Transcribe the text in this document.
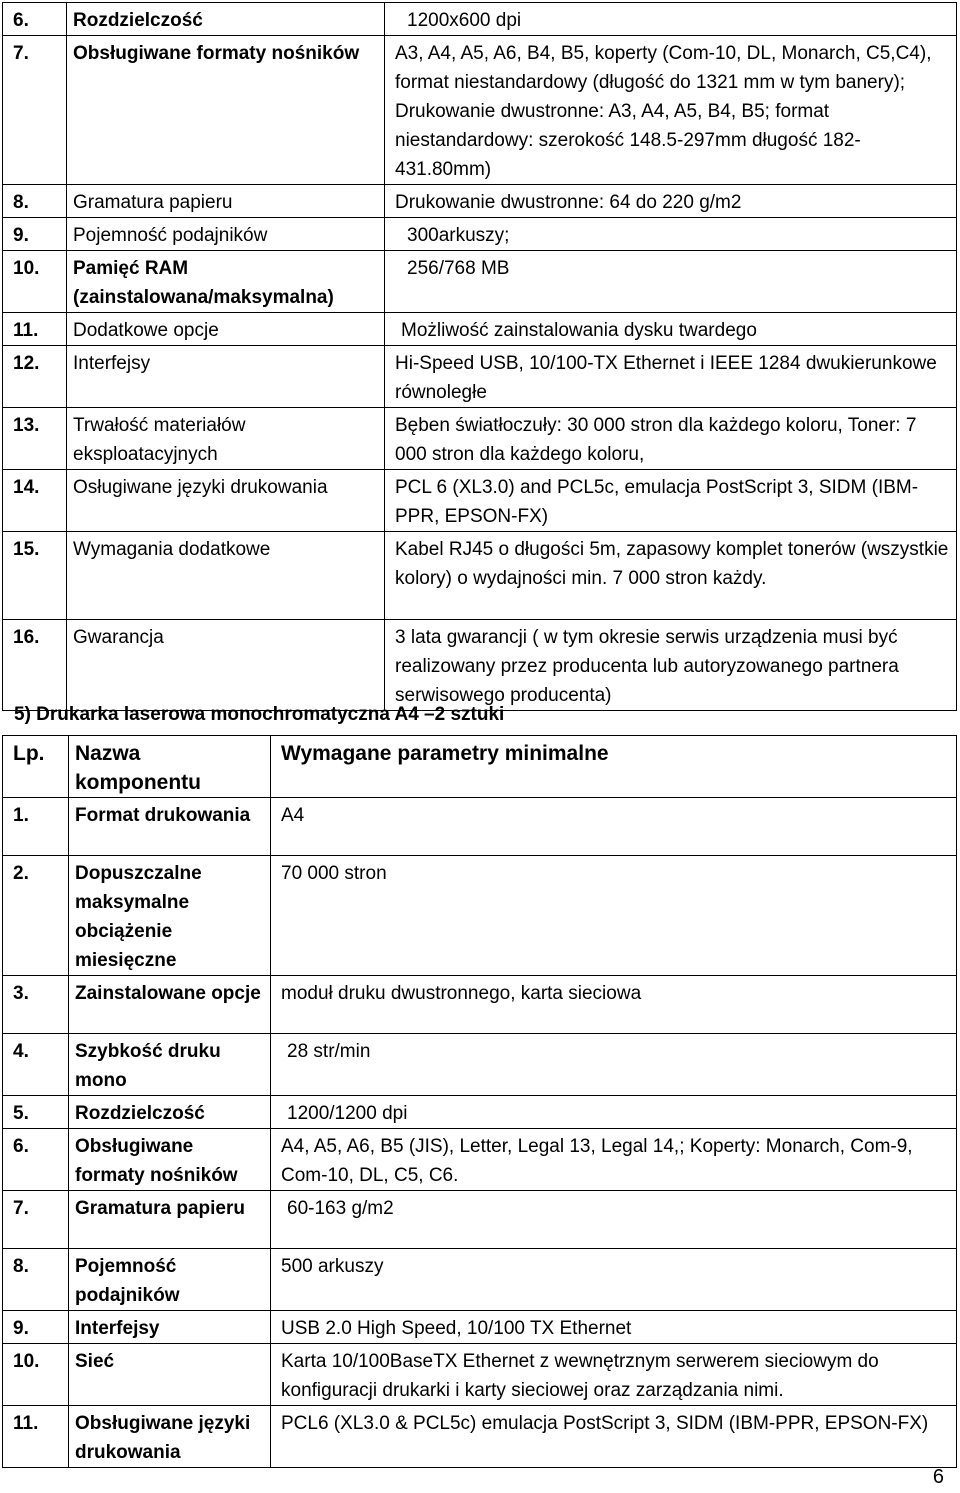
6.	Rozdzielczość	1200x600 dpi
7.	Obsługiwane formaty nośników	A3, A4, A5, A6, B4, B5, koperty (Com-10, DL, Monarch, C5,C4), format niestandardowy (długość do 1321 mm w tym banery); Drukowanie dwustronne: A3, A4, A5, B4, B5; format niestandardowy: szerokość 148.5-297mm długość 182-431.80mm)
8.	Gramatura papieru	Drukowanie dwustronne: 64 do 220 g/m2
9.	Pojemność podajników	300arkuszy;
10.	Pamięć RAM (zainstalowana/maksymalna)	256/768 MB
11.	Dodatkowe opcje	Możliwość zainstalowania dysku twardego
12.	Interfejsy	Hi-Speed USB, 10/100-TX Ethernet i IEEE 1284 dwukierunkowe równoległe
13.	Trwałość materiałów eksploatacyjnych	Bęben światłoczuły: 30 000 stron dla każdego koloru, Toner: 7 000 stron dla każdego koloru,
14.	Osługiwane języki drukowania	PCL 6 (XL3.0) and PCL5c, emulacja PostScript 3, SIDM (IBM-PPR, EPSON-FX)
15.	Wymagania dodatkowe	Kabel RJ45 o długości 5m, zapasowy komplet tonerów (wszystkie kolory) o wydajności min. 7 000 stron każdy.
16.	Gwarancja	3 lata gwarancji ( w tym okresie serwis urządzenia musi być realizowany przez producenta lub autoryzowanego partnera serwisowego producenta)
5) Drukarka laserowa monochromatyczna A4 –2 sztuki
Lp.	Nazwa komponentu	Wymagane parametry minimalne
1.	Format drukowania	A4
2.	Dopuszczalne maksymalne obciążenie miesięczne	70 000 stron
3.	Zainstalowane opcje	moduł druku dwustronnego, karta sieciowa
4.	Szybkość druku mono	28 str/min
5.	Rozdzielczość	1200/1200 dpi
6.	Obsługiwane formaty nośników	A4, A5, A6, B5 (JIS), Letter, Legal 13, Legal 14,; Koperty: Monarch, Com-9, Com-10, DL, C5, C6.
7.	Gramatura papieru	60-163 g/m2
8.	Pojemność podajników	500 arkuszy
9.	Interfejsy	USB 2.0 High Speed, 10/100 TX Ethernet
10.	Sieć	Karta 10/100BaseTX Ethernet z wewnętrznym serwerem sieciowym do konfiguracji drukarki i karty sieciowej oraz zarządzania nimi.
11.	Obsługiwane języki drukowania	PCL6 (XL3.0 & PCL5c) emulacja PostScript 3, SIDM (IBM-PPR, EPSON-FX)
6
